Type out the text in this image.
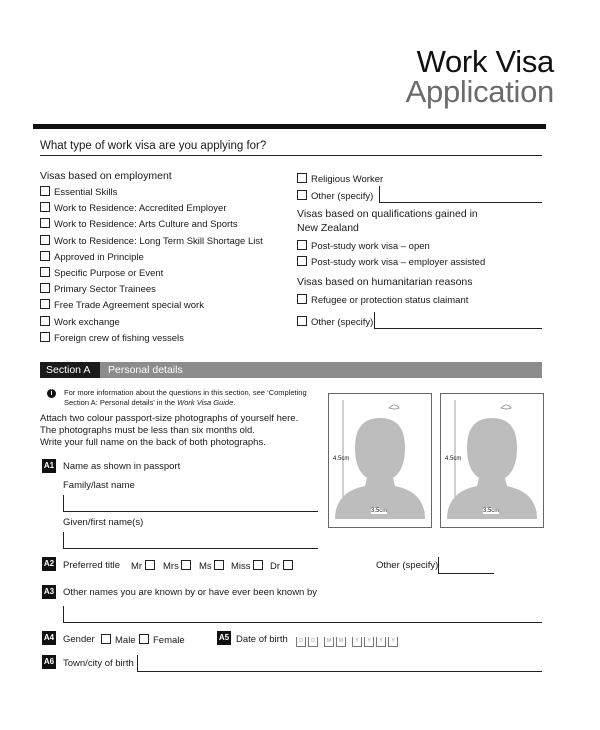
Work Visa
Application
What type of work visa are you applying for?
Visas based on employment
Essential Skills
Work to Residence: Accredited Employer
Work to Residence: Arts Culture and Sports
Work to Residence: Long Term Skill Shortage List
Approved in Principle
Specific Purpose or Event
Primary Sector Trainees
Free Trade Agreement special work
Work exchange
Foreign crew of fishing vessels
Religious Worker
Other (specify)
Visas based on qualifications gained in
New Zealand
Post-study work visa – open
Post-study work visa – employer assisted
Visas based on humanitarian reasons
Refugee or protection status claimant
Other (specify)
Section A	Personal details
i	For more information about the questions in this section, see ‘Completing
Section A: Personal details’ in the Work Visa Guide.
Attach two colour passport-size photographs of yourself here.
The photographs must be less than six months old.
Write your full name on the back of both photographs.
4.5cm
3.5cm
4.5cm
3.5cm
A1 Name as shown in passport
Family/last name
Given/first name(s)
A2 Preferred title Mr	Mrs	Ms	Miss	Dr	Other (specify)
A3 Other names you are known by or have ever been known by
A4 Gender	Male	Female	A5 Date of birth	D	D	M	M	Y	Y	Y	Y
A6 Town/city of birth
